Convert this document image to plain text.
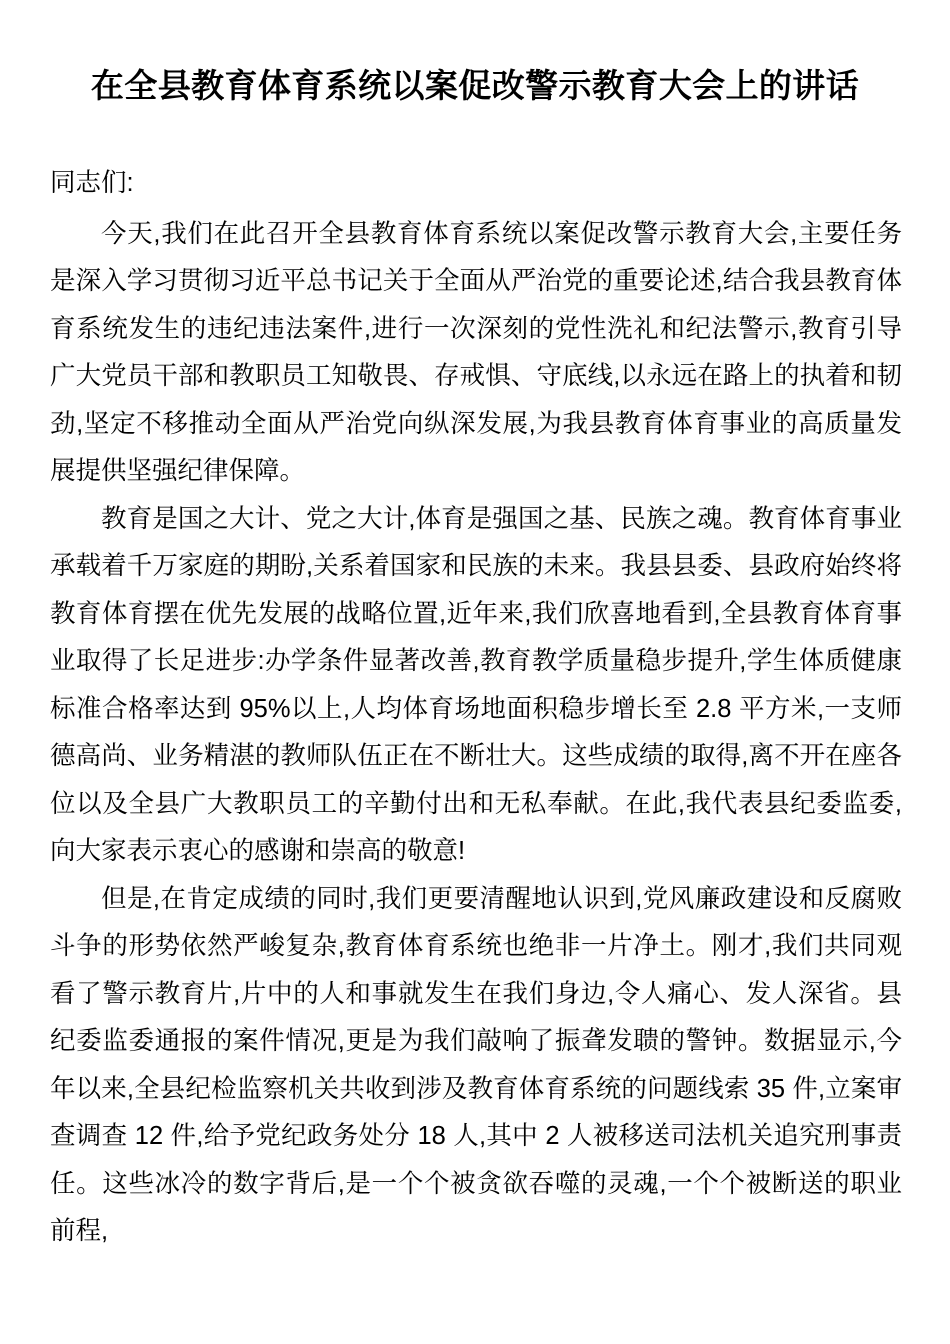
在全县教育体育系统以案促改警示教育大会上的讲话

同志们:

今天,我们在此召开全县教育体育系统以案促改警示教育大会,主要任务是深入学习贯彻习近平总书记关于全面从严治党的重要论述,结合我县教育体育系统发生的违纪违法案件,进行一次深刻的党性洗礼和纪法警示,教育引导广大党员干部和教职员工知敬畏、存戒惧、守底线,以永远在路上的执着和韧劲,坚定不移推动全面从严治党向纵深发展,为我县教育体育事业的高质量发展提供坚强纪律保障。

教育是国之大计、党之大计,体育是强国之基、民族之魂。教育体育事业承载着千万家庭的期盼,关系着国家和民族的未来。我县县委、县政府始终将教育体育摆在优先发展的战略位置,近年来,我们欣喜地看到,全县教育体育事业取得了长足进步:办学条件显著改善,教育教学质量稳步提升,学生体质健康标准合格率达到 95%以上,人均体育场地面积稳步增长至 2.8 平方米,一支师德高尚、业务精湛的教师队伍正在不断壮大。这些成绩的取得,离不开在座各位以及全县广大教职员工的辛勤付出和无私奉献。在此,我代表县纪委监委,向大家表示衷心的感谢和崇高的敬意!

但是,在肯定成绩的同时,我们更要清醒地认识到,党风廉政建设和反腐败斗争的形势依然严峻复杂,教育体育系统也绝非一片净土。刚才,我们共同观看了警示教育片,片中的人和事就发生在我们身边,令人痛心、发人深省。县纪委监委通报的案件情况,更是为我们敲响了振聋发聩的警钟。数据显示,今年以来,全县纪检监察机关共收到涉及教育体育系统的问题线索 35 件,立案审查调查 12 件,给予党纪政务处分 18 人,其中 2 人被移送司法机关追究刑事责任。这些冰冷的数字背后,是一个个被贪欲吞噬的灵魂,一个个被断送的职业前程,
